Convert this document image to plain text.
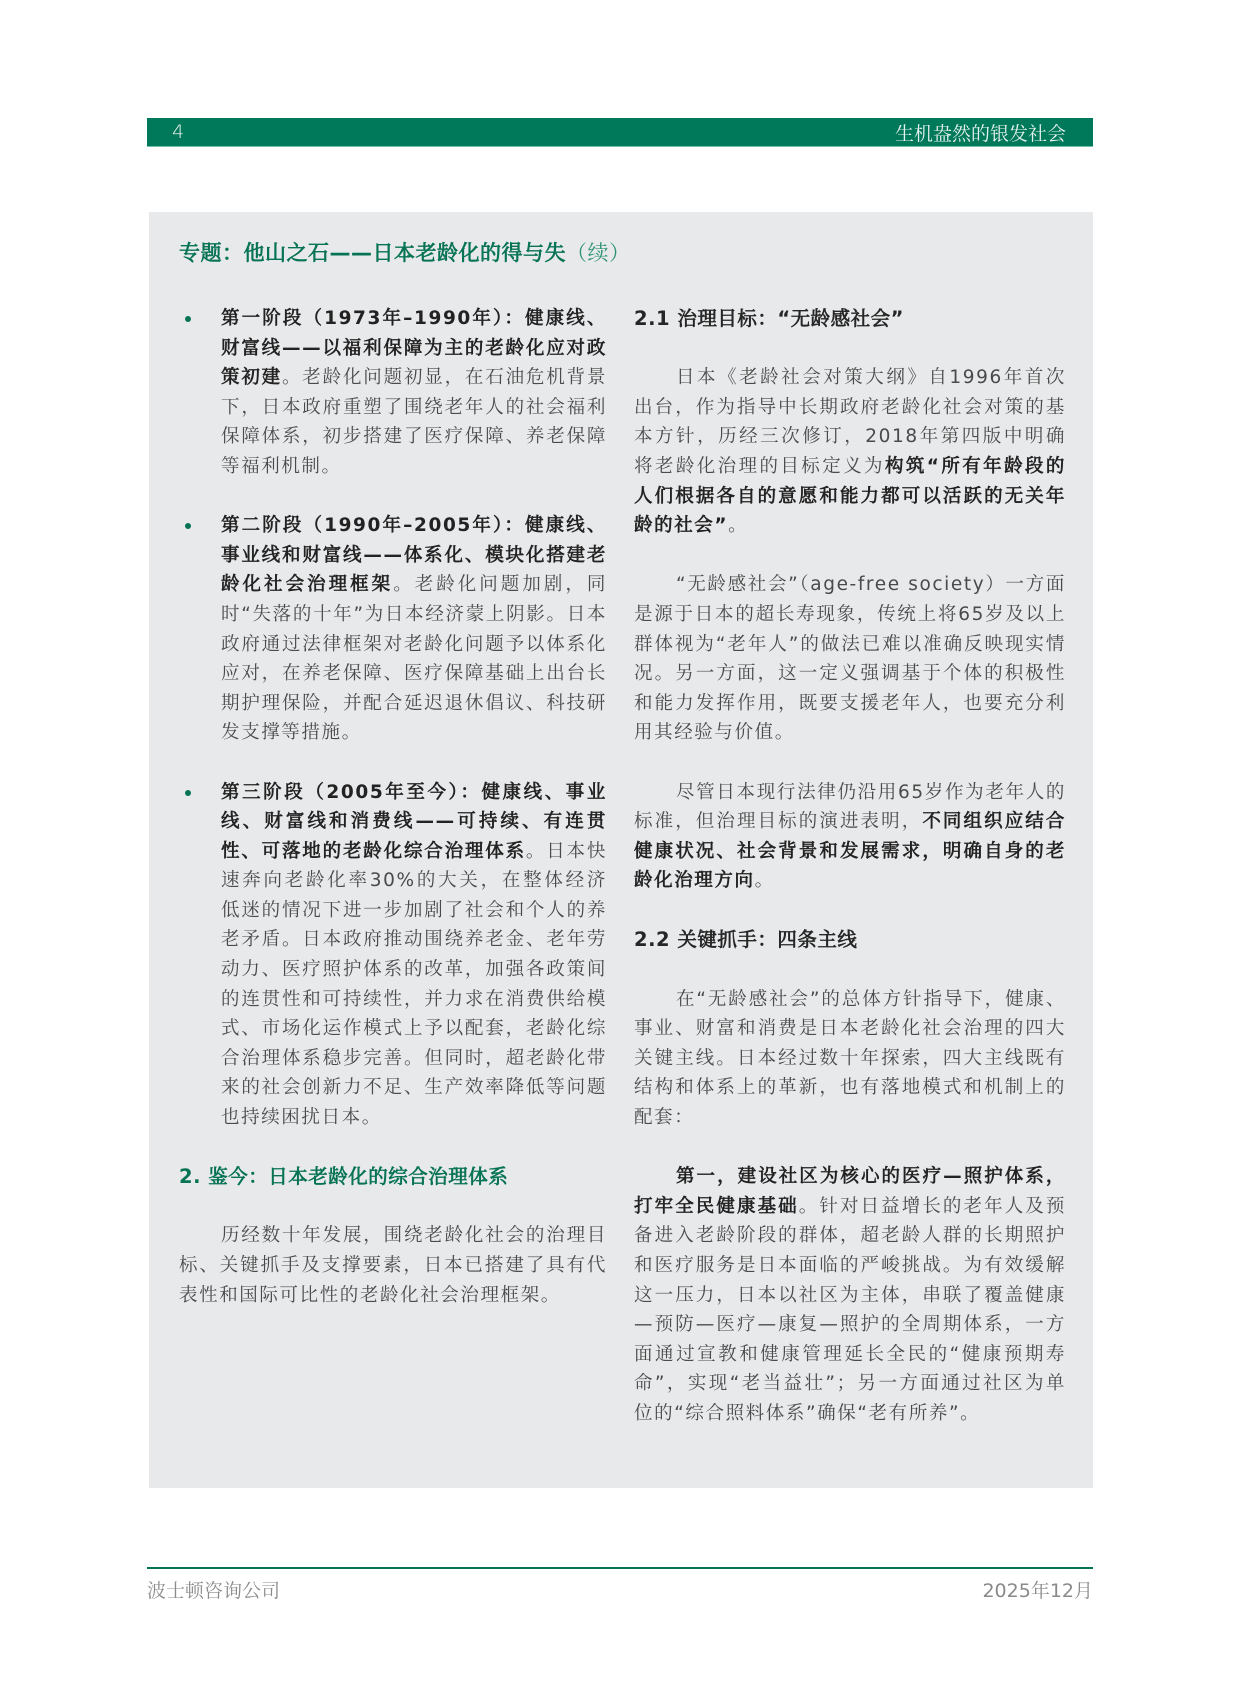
4	生机盎然的银发社会
专题：他山之石——日本老龄化的得与失（续）
第一阶段（1973年–1990年）：健康线、财富线——以福利保障为主的老龄化应对政策初建。老龄化问题初显，在石油危机背景下，日本政府重塑了围绕老年人的社会福利保障体系，初步搭建了医疗保障、养老保障等福利机制。
第二阶段（1990年–2005年）：健康线、事业线和财富线——体系化、模块化搭建老龄化社会治理框架。老龄化问题加剧，同时“失落的十年”为日本经济蒙上阴影。日本政府通过法律框架对老龄化问题予以体系化应对，在养老保障、医疗保障基础上出台长期护理保险，并配合延迟退休倡议、科技研发支撑等措施。
第三阶段（2005年至今）：健康线、事业线、财富线和消费线——可持续、有连贯性、可落地的老龄化综合治理体系。日本快速奔向老龄化率30%的大关，在整体经济低迷的情况下进一步加剧了社会和个人的养老矛盾。日本政府推动围绕养老金、老年劳动力、医疗照护体系的改革，加强各政策间的连贯性和可持续性，并力求在消费供给模式、市场化运作模式上予以配套，老龄化综合治理体系稳步完善。但同时，超老龄化带来的社会创新力不足、生产效率降低等问题也持续困扰日本。
2. 鉴今：日本老龄化的综合治理体系

历经数十年发展，围绕老龄化社会的治理目标、关键抓手及支撑要素，日本已搭建了具有代表性和国际可比性的老龄化社会治理框架。

2.1 治理目标：“无龄感社会”

日本《老龄社会对策大纲》自1996年首次出台，作为指导中长期政府老龄化社会对策的基本方针，历经三次修订，2018年第四版中明确将老龄化治理的目标定义为构筑“所有年龄段的人们根据各自的意愿和能力都可以活跃的无关年龄的社会”。

“无龄感社会”（age-free society）一方面是源于日本的超长寿现象，传统上将65岁及以上群体视为“老年人”的做法已难以准确反映现实情况。另一方面，这一定义强调基于个体的积极性和能力发挥作用，既要支援老年人，也要充分利用其经验与价值。

尽管日本现行法律仍沿用65岁作为老年人的标准，但治理目标的演进表明，不同组织应结合健康状况、社会背景和发展需求，明确自身的老龄化治理方向。

2.2 关键抓手：四条主线

在“无龄感社会”的总体方针指导下，健康、事业、财富和消费是日本老龄化社会治理的四大关键主线。日本经过数十年探索，四大主线既有结构和体系上的革新，也有落地模式和机制上的配套：

第一，建设社区为核心的医疗—照护体系，打牢全民健康基础。针对日益增长的老年人及预备进入老龄阶段的群体，超老龄人群的长期照护和医疗服务是日本面临的严峻挑战。为有效缓解这一压力，日本以社区为主体，串联了覆盖健康—预防—医疗—康复—照护的全周期体系，一方面通过宣教和健康管理延长全民的“健康预期寿命”，实现“老当益壮”；另一方面通过社区为单位的“综合照料体系”确保“老有所养”。

波士顿咨询公司	2025年12月
